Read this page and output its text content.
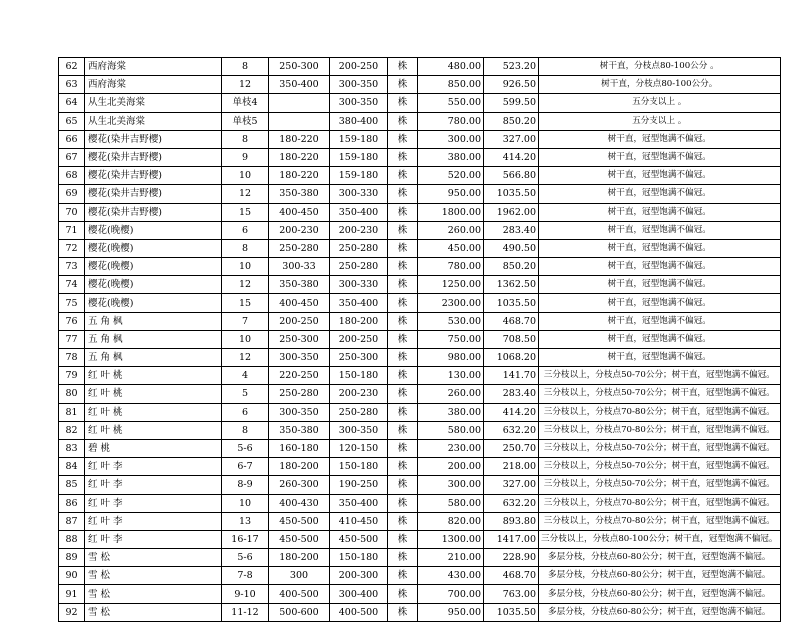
62	西府海棠	8	250-300	200-250	株	480.00	523.20	树干直，分枝点80-100公分 。
63	西府海棠	12	350-400	300-350	株	850.00	926.50	树干直，分枝点80-100公分。
64	从生北美海棠	单枝4		300-350	株	550.00	599.50	五分支以上 。
65	从生北美海棠	单枝5		380-400	株	780.00	850.20	五分支以上 。
66	樱花(染井吉野樱)	8	180-220	159-180	株	300.00	327.00	树干直，冠型饱满不偏冠。
67	樱花(染井吉野樱)	9	180-220	159-180	株	380.00	414.20	树干直，冠型饱满不偏冠。
68	樱花(染井吉野樱)	10	180-220	159-180	株	520.00	566.80	树干直，冠型饱满不偏冠。
69	樱花(染井吉野樱)	12	350-380	300-330	株	950.00	1035.50	树干直，冠型饱满不偏冠。
70	樱花(染井吉野樱)	15	400-450	350-400	株	1800.00	1962.00	树干直，冠型饱满不偏冠。
71	樱花(晚樱)	6	200-230	200-230	株	260.00	283.40	树干直，冠型饱满不偏冠。
72	樱花(晚樱)	8	250-280	250-280	株	450.00	490.50	树干直，冠型饱满不偏冠。
73	樱花(晚樱)	10	300-33	250-280	株	780.00	850.20	树干直，冠型饱满不偏冠。
74	樱花(晚樱)	12	350-380	300-330	株	1250.00	1362.50	树干直，冠型饱满不偏冠。
75	樱花(晚樱)	15	400-450	350-400	株	2300.00	1035.50	树干直，冠型饱满不偏冠。
76	五 角 枫	7	200-250	180-200	株	530.00	468.70	树干直，冠型饱满不偏冠。
77	五 角 枫	10	250-300	200-250	株	750.00	708.50	树干直，冠型饱满不偏冠。
78	五 角 枫	12	300-350	250-300	株	980.00	1068.20	树干直，冠型饱满不偏冠。
79	红 叶 桃	4	220-250	150-180	株	130.00	141.70	三分枝以上，分枝点50-70公分；树干直，冠型饱满不偏冠。
80	红 叶 桃	5	250-280	200-230	株	260.00	283.40	三分枝以上，分枝点50-70公分；树干直，冠型饱满不偏冠。
81	红 叶 桃	6	300-350	250-280	株	380.00	414.20	三分枝以上，分枝点70-80公分；树干直，冠型饱满不偏冠。
82	红 叶 桃	8	350-380	300-350	株	580.00	632.20	三分枝以上，分枝点70-80公分；树干直，冠型饱满不偏冠。
83	碧 桃	5-6	160-180	120-150	株	230.00	250.70	三分枝以上，分枝点50-70公分；树干直，冠型饱满不偏冠。
84	红 叶 李	6-7	180-200	150-180	株	200.00	218.00	三分枝以上，分枝点50-70公分；树干直，冠型饱满不偏冠。
85	红 叶 李	8-9	260-300	190-250	株	300.00	327.00	三分枝以上，分枝点50-70公分；树干直，冠型饱满不偏冠。
86	红 叶 李	10	400-430	350-400	株	580.00	632.20	三分枝以上，分枝点70-80公分；树干直，冠型饱满不偏冠。
87	红 叶 李	13	450-500	410-450	株	820.00	893.80	三分枝以上，分枝点70-80公分；树干直，冠型饱满不偏冠。
88	红 叶 李	16-17	450-500	450-500	株	1300.00	1417.00	三分枝以上，分枝点80-100公分；树干直，冠型饱满不偏冠。
89	雪 松	5-6	180-200	150-180	株	210.00	228.90	多层分枝，分枝点60-80公分；树干直，冠型饱满不偏冠。
90	雪 松	7-8	300	200-300	株	430.00	468.70	多层分枝，分枝点60-80公分；树干直，冠型饱满不偏冠。
91	雪 松	9-10	400-500	300-400	株	700.00	763.00	多层分枝，分枝点60-80公分；树干直，冠型饱满不偏冠。
92	雪 松	11-12	500-600	400-500	株	950.00	1035.50	多层分枝，分枝点60-80公分；树干直，冠型饱满不偏冠。
